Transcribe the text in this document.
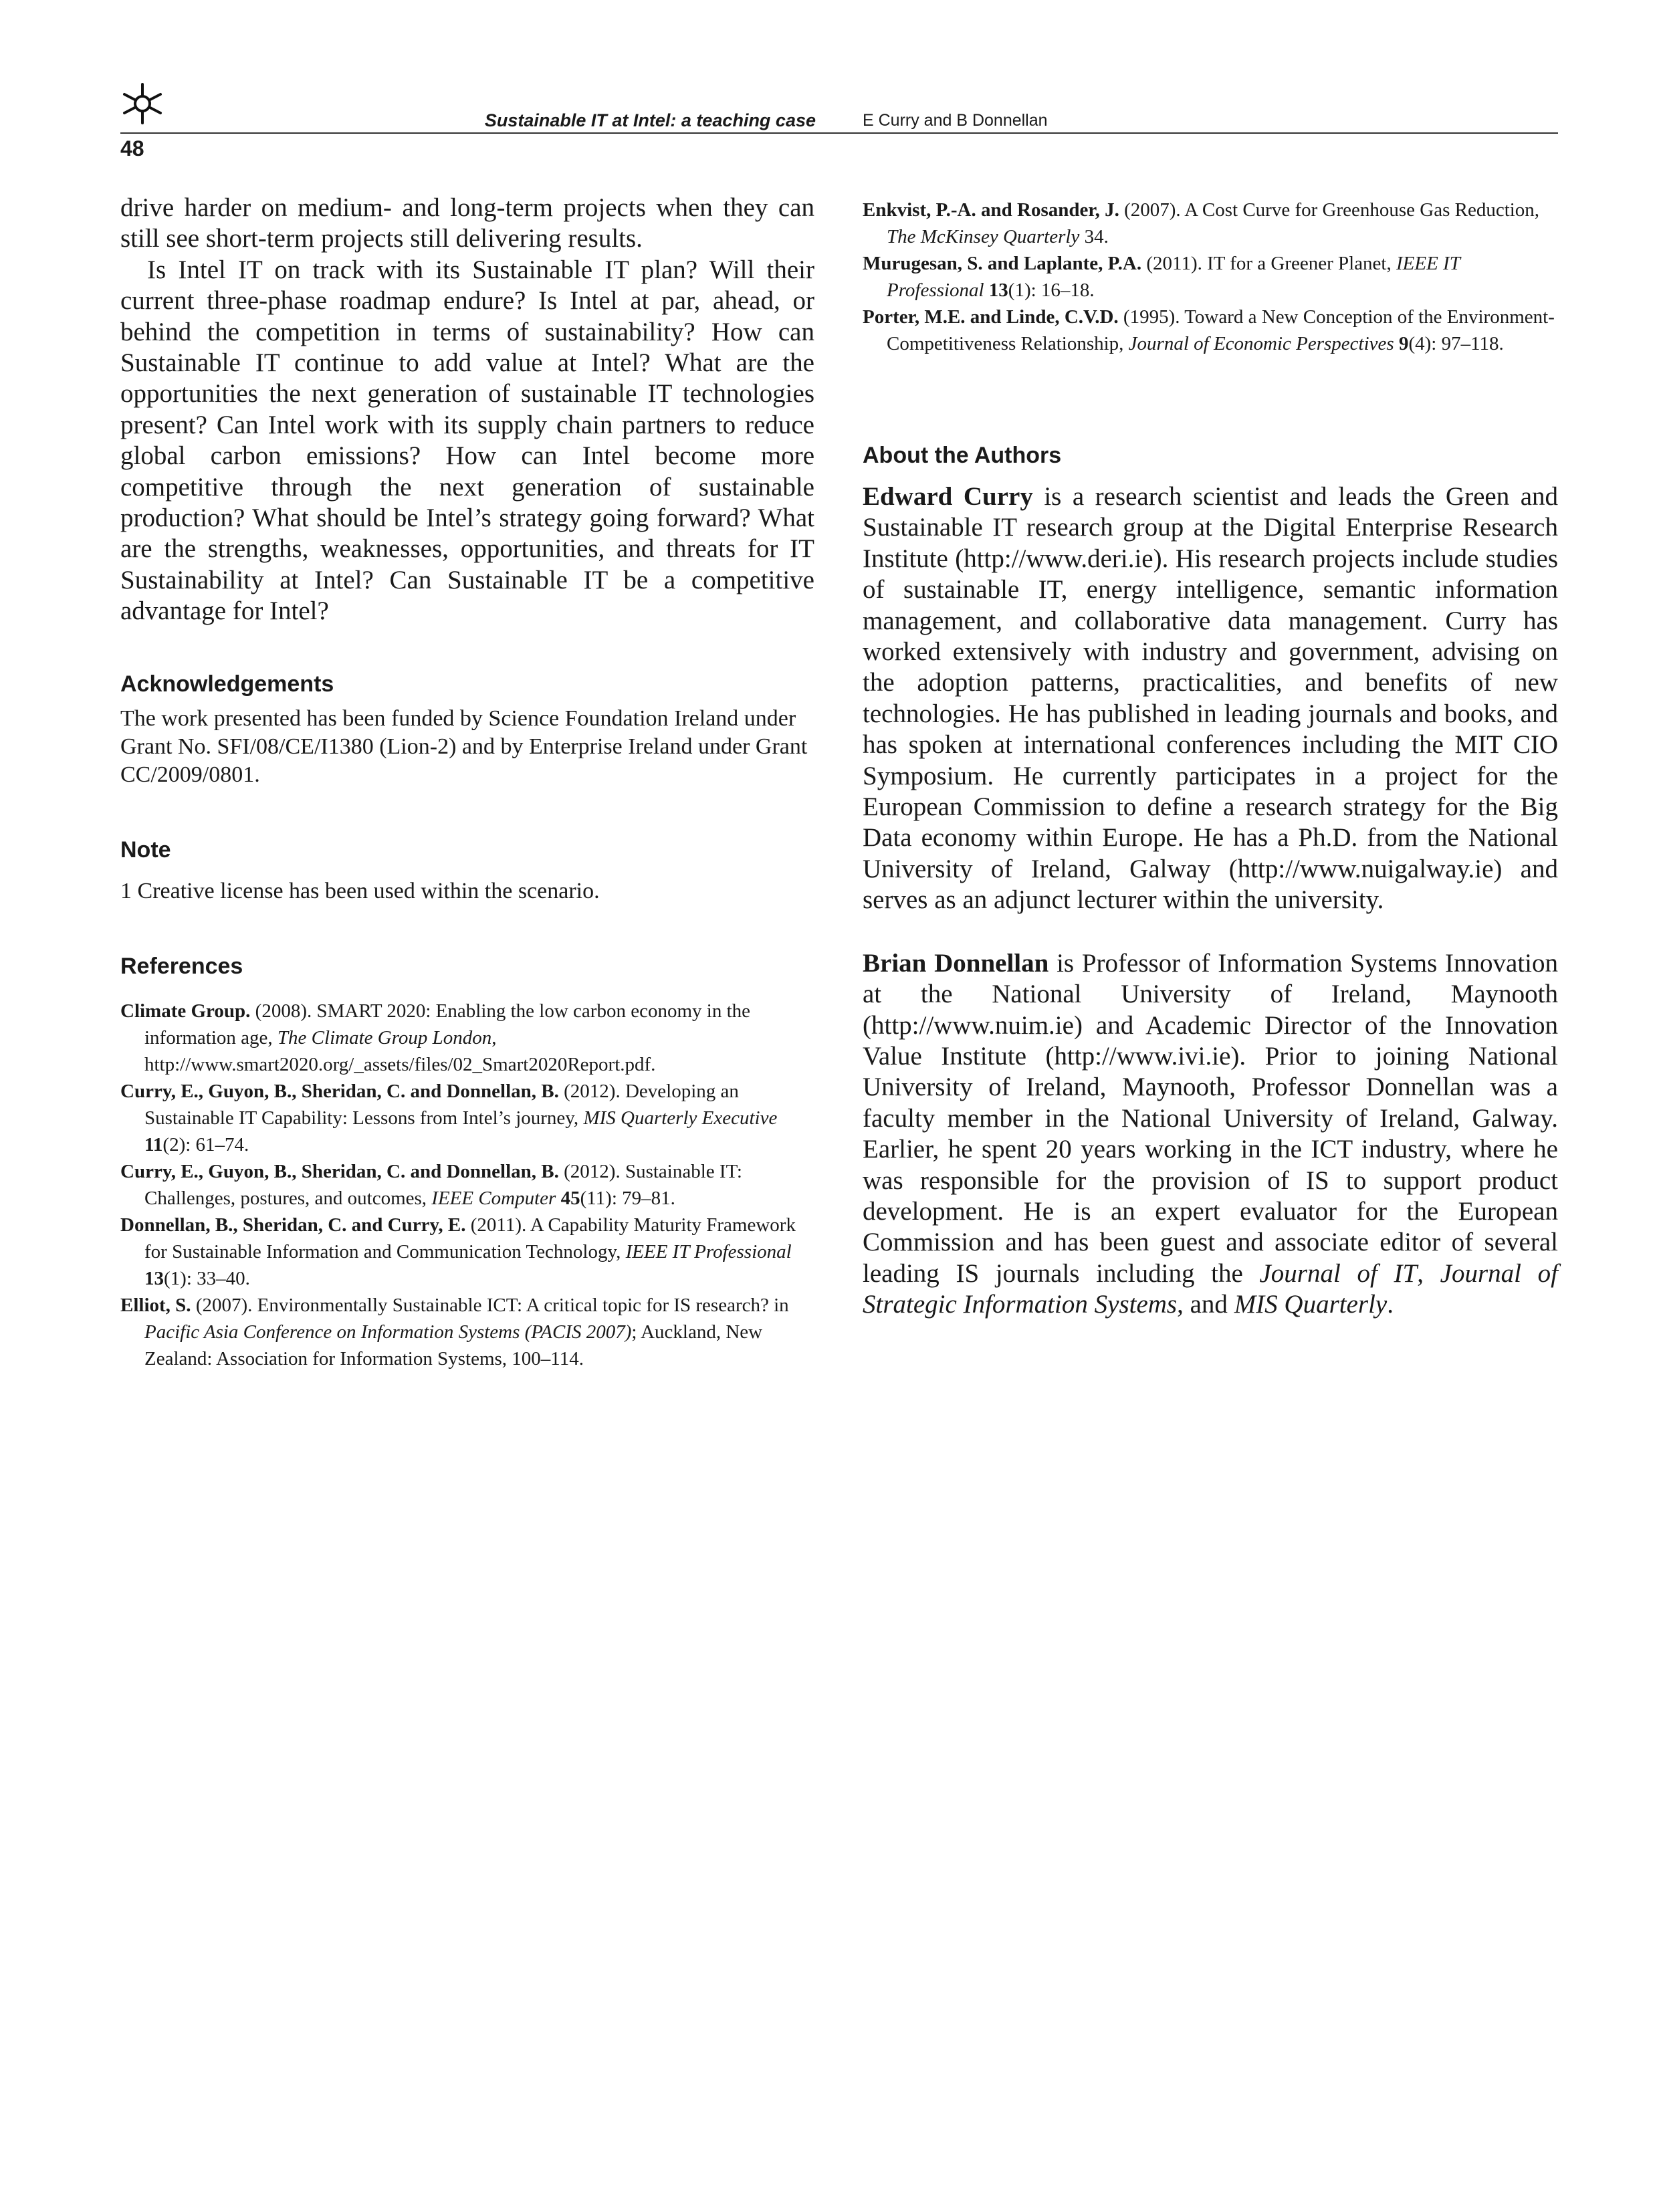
Sustainable IT at Intel: a teaching case	E Curry and B Donnellan
48

drive harder on medium- and long-term projects when they can still see short-term projects still delivering results.

Is Intel IT on track with its Sustainable IT plan? Will their current three-phase roadmap endure? Is Intel at par, ahead, or behind the competition in terms of sustainability? How can Sustainable IT continue to add value at Intel? What are the opportunities the next generation of sustainable IT technologies present? Can Intel work with its supply chain partners to reduce global carbon emissions? How can Intel become more competitive through the next generation of sustainable production? What should be Intel’s strategy going forward? What are the strengths, weaknesses, opportunities, and threats for IT Sustainability at Intel? Can Sustainable IT be a competitive advantage for Intel?

Acknowledgements

The work presented has been funded by Science Foundation Ireland under Grant No. SFI/08/CE/I1380 (Lion-2) and by Enterprise Ireland under Grant CC/2009/0801.

Note

1 Creative license has been used within the scenario.

References

Climate Group. (2008). SMART 2020: Enabling the low carbon economy in the information age, The Climate Group London, http://www.smart2020.org/_assets/files/02_Smart2020Report.pdf.

Curry, E., Guyon, B., Sheridan, C. and Donnellan, B. (2012). Developing an Sustainable IT Capability: Lessons from Intel’s journey, MIS Quarterly Executive 11(2): 61–74.

Curry, E., Guyon, B., Sheridan, C. and Donnellan, B. (2012). Sustainable IT: Challenges, postures, and outcomes, IEEE Computer 45(11): 79–81.

Donnellan, B., Sheridan, C. and Curry, E. (2011). A Capability Maturity Framework for Sustainable Information and Communication Technology, IEEE IT Professional 13(1): 33–40.

Elliot, S. (2007). Environmentally Sustainable ICT: A critical topic for IS research? in Pacific Asia Conference on Information Systems (PACIS 2007); Auckland, New Zealand: Association for Information Systems, 100–114.

Enkvist, P.-A. and Rosander, J. (2007). A Cost Curve for Greenhouse Gas Reduction, The McKinsey Quarterly 34.

Murugesan, S. and Laplante, P.A. (2011). IT for a Greener Planet, IEEE IT Professional 13(1): 16–18.

Porter, M.E. and Linde, C.V.D. (1995). Toward a New Conception of the Environment-Competitiveness Relationship, Journal of Economic Perspectives 9(4): 97–118.

About the Authors

Edward Curry is a research scientist and leads the Green and Sustainable IT research group at the Digital Enterprise Research Institute (http://www.deri.ie). His research projects include studies of sustainable IT, energy intelligence, semantic information management, and collaborative data management. Curry has worked extensively with industry and government, advising on the adoption patterns, practicalities, and benefits of new technologies. He has published in leading journals and books, and has spoken at international conferences including the MIT CIO Symposium. He currently participates in a project for the European Commission to define a research strategy for the Big Data economy within Europe. He has a Ph.D. from the National University of Ireland, Galway (http://www.nuigalway.ie) and serves as an adjunct lecturer within the university.

Brian Donnellan is Professor of Information Systems Innovation at the National University of Ireland, Maynooth (http://www.nuim.ie) and Academic Director of the Innovation Value Institute (http://www.ivi.ie). Prior to joining National University of Ireland, Maynooth, Professor Donnellan was a faculty member in the National University of Ireland, Galway. Earlier, he spent 20 years working in the ICT industry, where he was responsible for the provision of IS to support product development. He is an expert evaluator for the European Commission and has been guest and associate editor of several leading IS journals including the Journal of IT, Journal of Strategic Information Systems, and MIS Quarterly.
